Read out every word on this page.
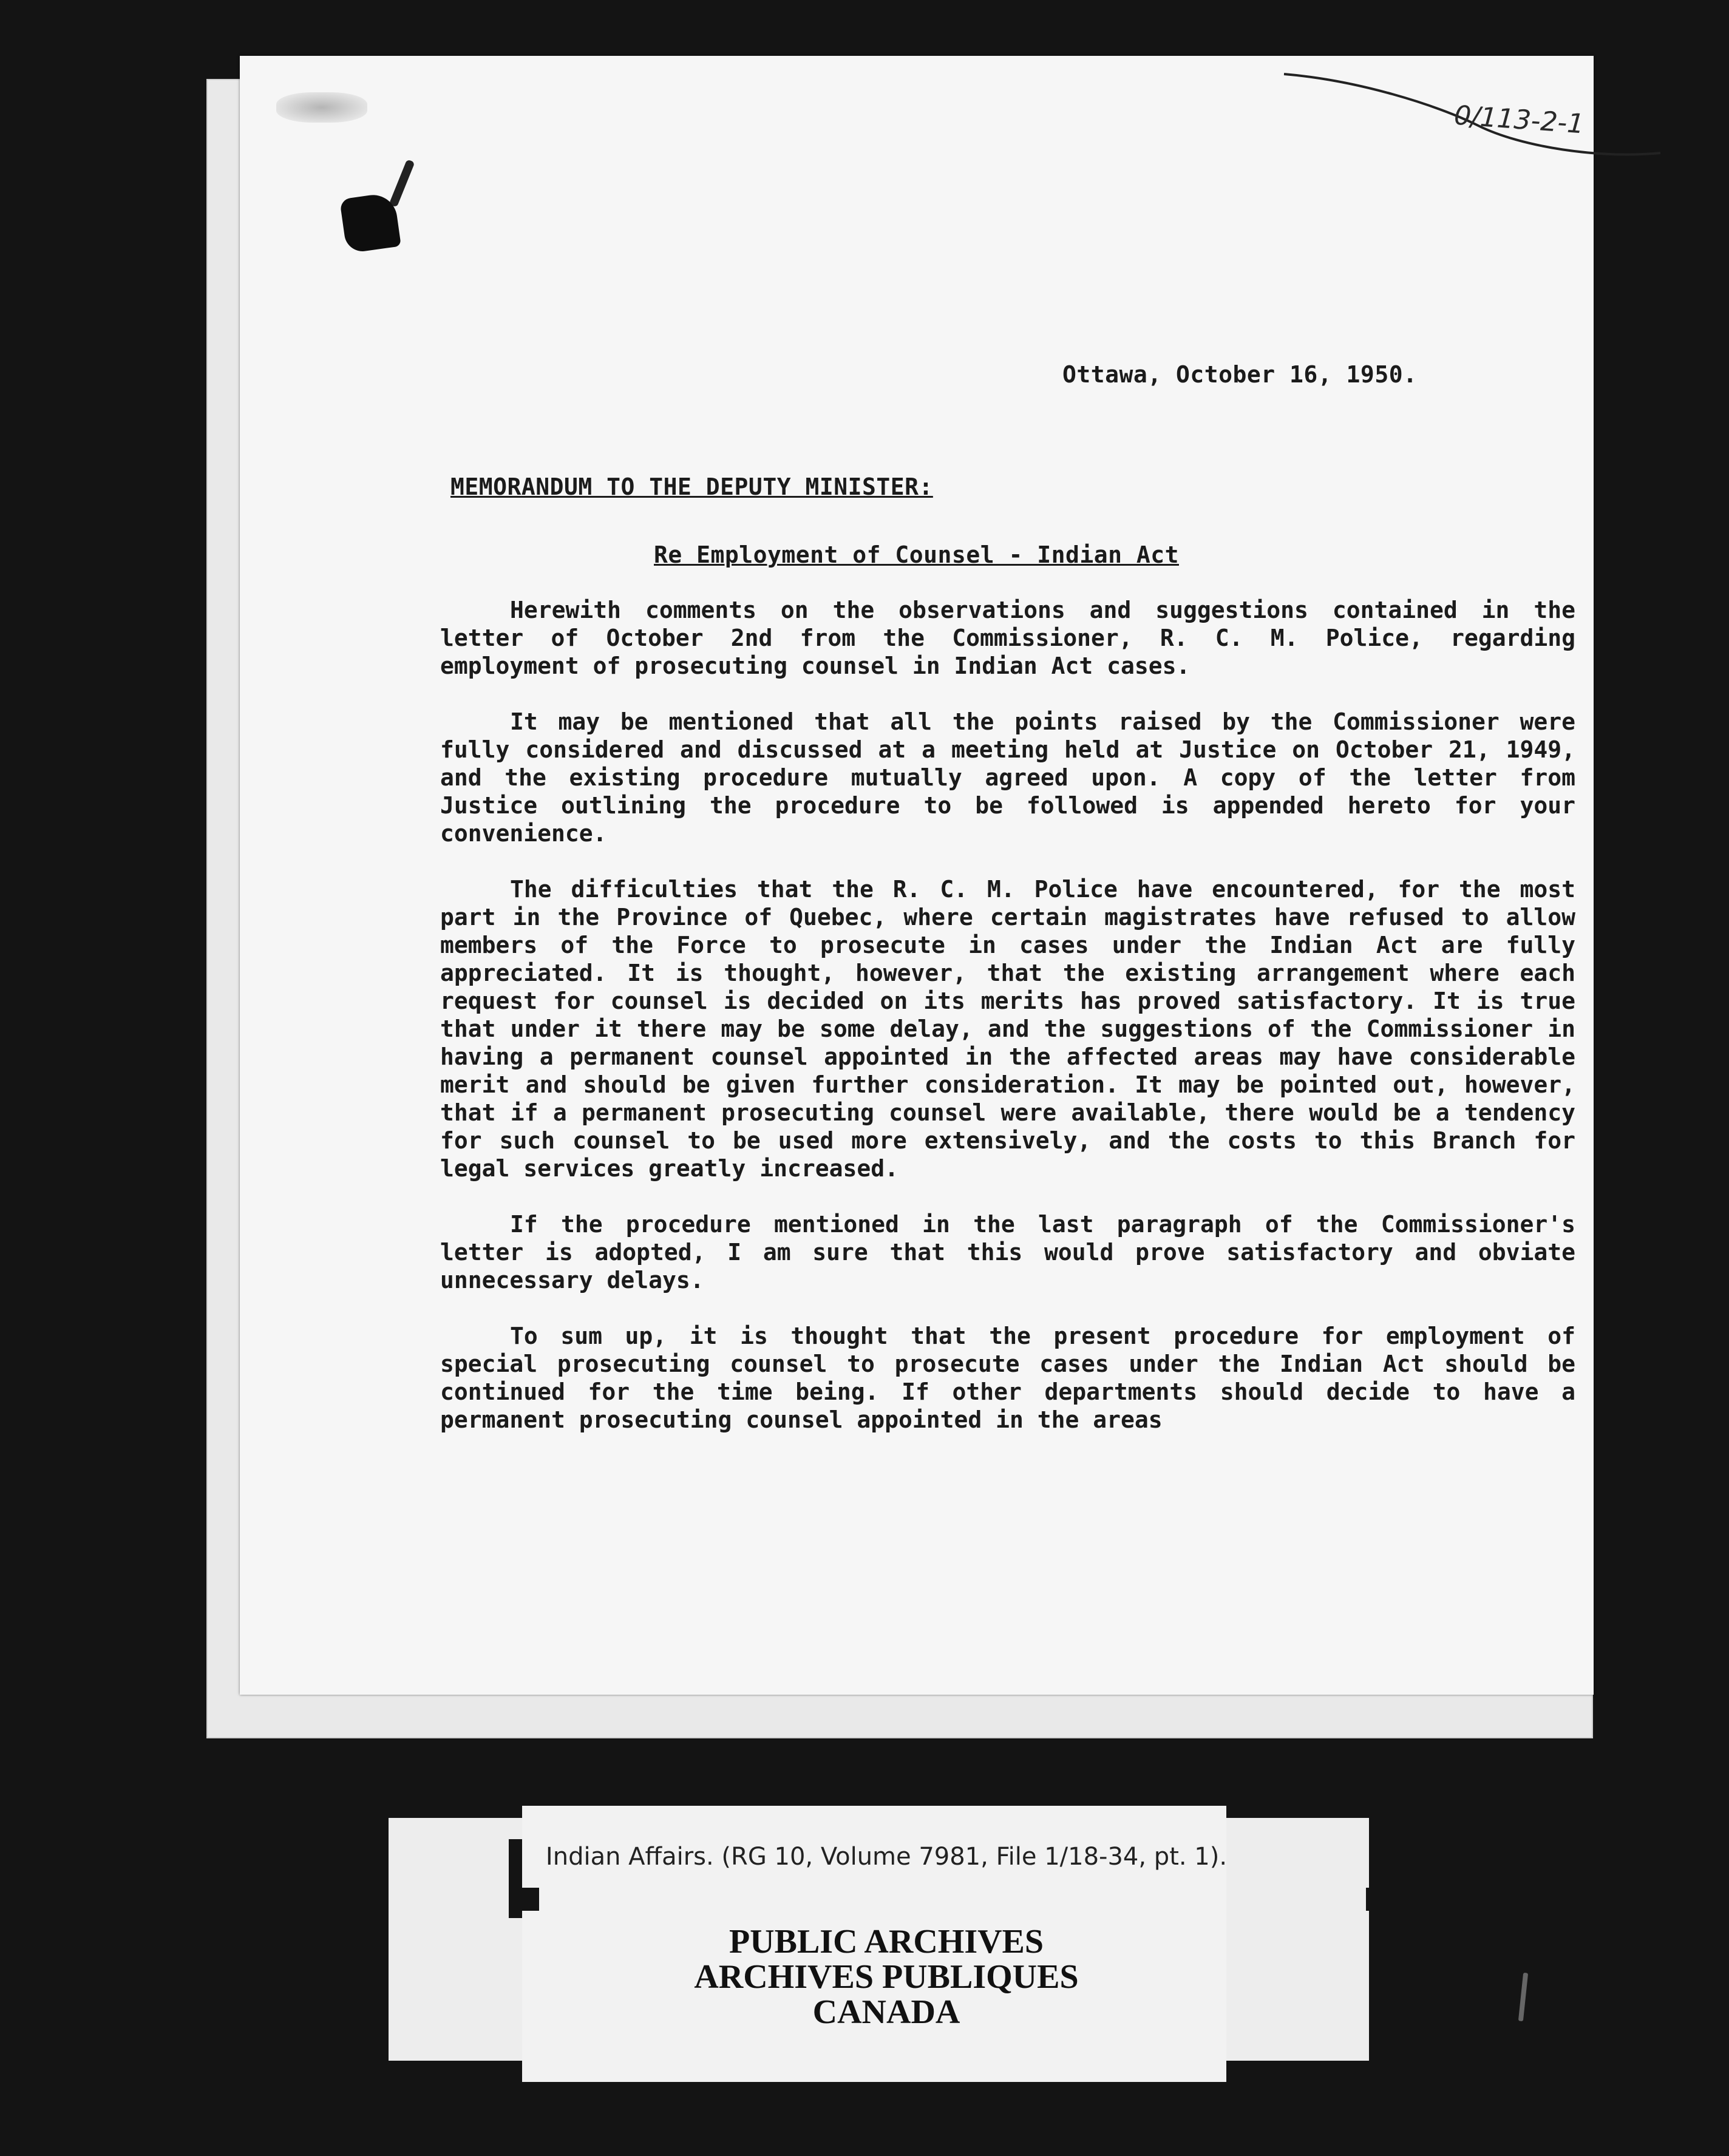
0/113-2-1
Ottawa, October 16, 1950.
MEMORANDUM TO THE DEPUTY MINISTER:
Re Employment of Counsel - Indian Act

Herewith comments on the observations and suggestions contained in the letter of October 2nd from the Commissioner, R. C. M. Police, regarding employment of prosecuting counsel in Indian Act cases.

It may be mentioned that all the points raised by the Commissioner were fully considered and discussed at a meeting held at Justice on October 21, 1949, and the existing procedure mutually agreed upon. A copy of the letter from Justice outlining the procedure to be followed is appended hereto for your convenience.

The difficulties that the R. C. M. Police have encountered, for the most part in the Province of Quebec, where certain magistrates have refused to allow members of the Force to prosecute in cases under the Indian Act are fully appreciated. It is thought, however, that the existing arrangement where each request for counsel is decided on its merits has proved satisfactory. It is true that under it there may be some delay, and the suggestions of the Commissioner in having a permanent counsel appointed in the affected areas may have considerable merit and should be given further consideration. It may be pointed out, however, that if a permanent prosecuting counsel were available, there would be a tendency for such counsel to be used more extensively, and the costs to this Branch for legal services greatly increased.

If the procedure mentioned in the last paragraph of the Commissioner's letter is adopted, I am sure that this would prove satisfactory and obviate unnecessary delays.

To sum up, it is thought that the present procedure for employment of special prosecuting counsel to prosecute cases under the Indian Act should be continued for the time being. If other departments should decide to have a permanent prosecuting counsel appointed in the areas

Indian Affairs. (RG 10, Volume 7981, File 1/18-34, pt. 1).
PUBLIC ARCHIVES
ARCHIVES PUBLIQUES
CANADA
